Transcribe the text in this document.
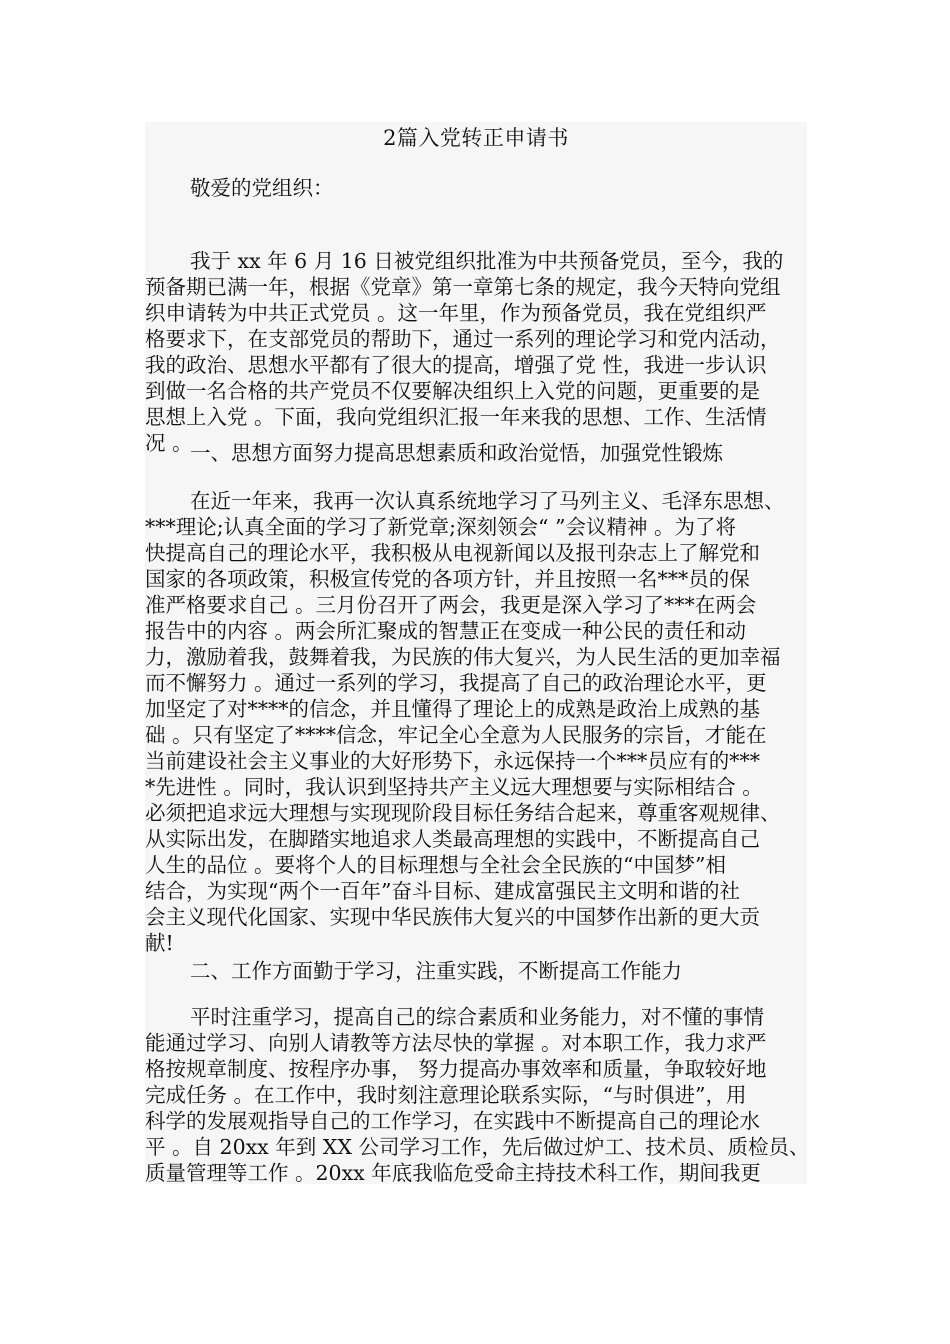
2篇入党转正申请书
敬爱的党组织：
我于 xx 年 6 月 16 日被党组织批准为中共预备党员，至今，我的
预备期已满一年，根据《党章》第一章第七条的规定，我今天特向党组
织申请转为中共正式党员 。这一年里，作为预备党员，我在党组织严
格要求下，在支部党员的帮助下，通过一系列的理论学习和党内活动，
我的政治、思想水平都有了很大的提高，增强了党 性，我进一步认识
到做一名合格的共产党员不仅要解决组织上入党的问题，更重要的是
思想上入党 。下面，我向党组织汇报一年来我的思想、工作、生活情
况 。
一、思想方面努力提高思想素质和政治觉悟，加强党性锻炼
在近一年来，我再一次认真系统地学习了马列主义、毛泽东思想、
***理论;认真全面的学习了新党章;深刻领会“ ”会议精神 。为了将
快提高自己的理论水平，我积极从电视新闻以及报刊杂志上了解党和
国家的各项政策，积极宣传党的各项方针，并且按照一名***员的保
准严格要求自己 。三月份召开了两会，我更是深入学习了***在两会
报告中的内容 。两会所汇聚成的智慧正在变成一种公民的责任和动
力，激励着我，鼓舞着我，为民族的伟大复兴，为人民生活的更加幸福
而不懈努力 。通过一系列的学习，我提高了自己的政治理论水平，更
加坚定了对****的信念，并且懂得了理论上的成熟是政治上成熟的基
础 。只有坚定了****信念，牢记全心全意为人民服务的宗旨，才能在
当前建设社会主义事业的大好形势下，永远保持一个***员应有的***
*先进性 。同时，我认识到坚持共产主义远大理想要与实际相结合 。
必须把追求远大理想与实现现阶段目标任务结合起来，尊重客观规律、
从实际出发，在脚踏实地追求人类最高理想的实践中，不断提高自己
人生的品位 。要将个人的目标理想与全社会全民族的“中国梦”相
结合，为实现“两个一百年”奋斗目标、建成富强民主文明和谐的社
会主义现代化国家、实现中华民族伟大复兴的中国梦作出新的更大贡
献!
二、工作方面勤于学习，注重实践，不断提高工作能力
平时注重学习，提高自己的综合素质和业务能力，对不懂的事情
能通过学习、向别人请教等方法尽快的掌握 。对本职工作，我力求严
格按规章制度、按程序办事， 努力提高办事效率和质量，争取较好地
完成任务 。在工作中，我时刻注意理论联系实际，“与时俱进”，用
科学的发展观指导自己的工作学习，在实践中不断提高自己的理论水
平 。自 20xx 年到 XX 公司学习工作，先后做过炉工、技术员、质检员、
质量管理等工作 。20xx 年底我临危受命主持技术科工作，期间我更
